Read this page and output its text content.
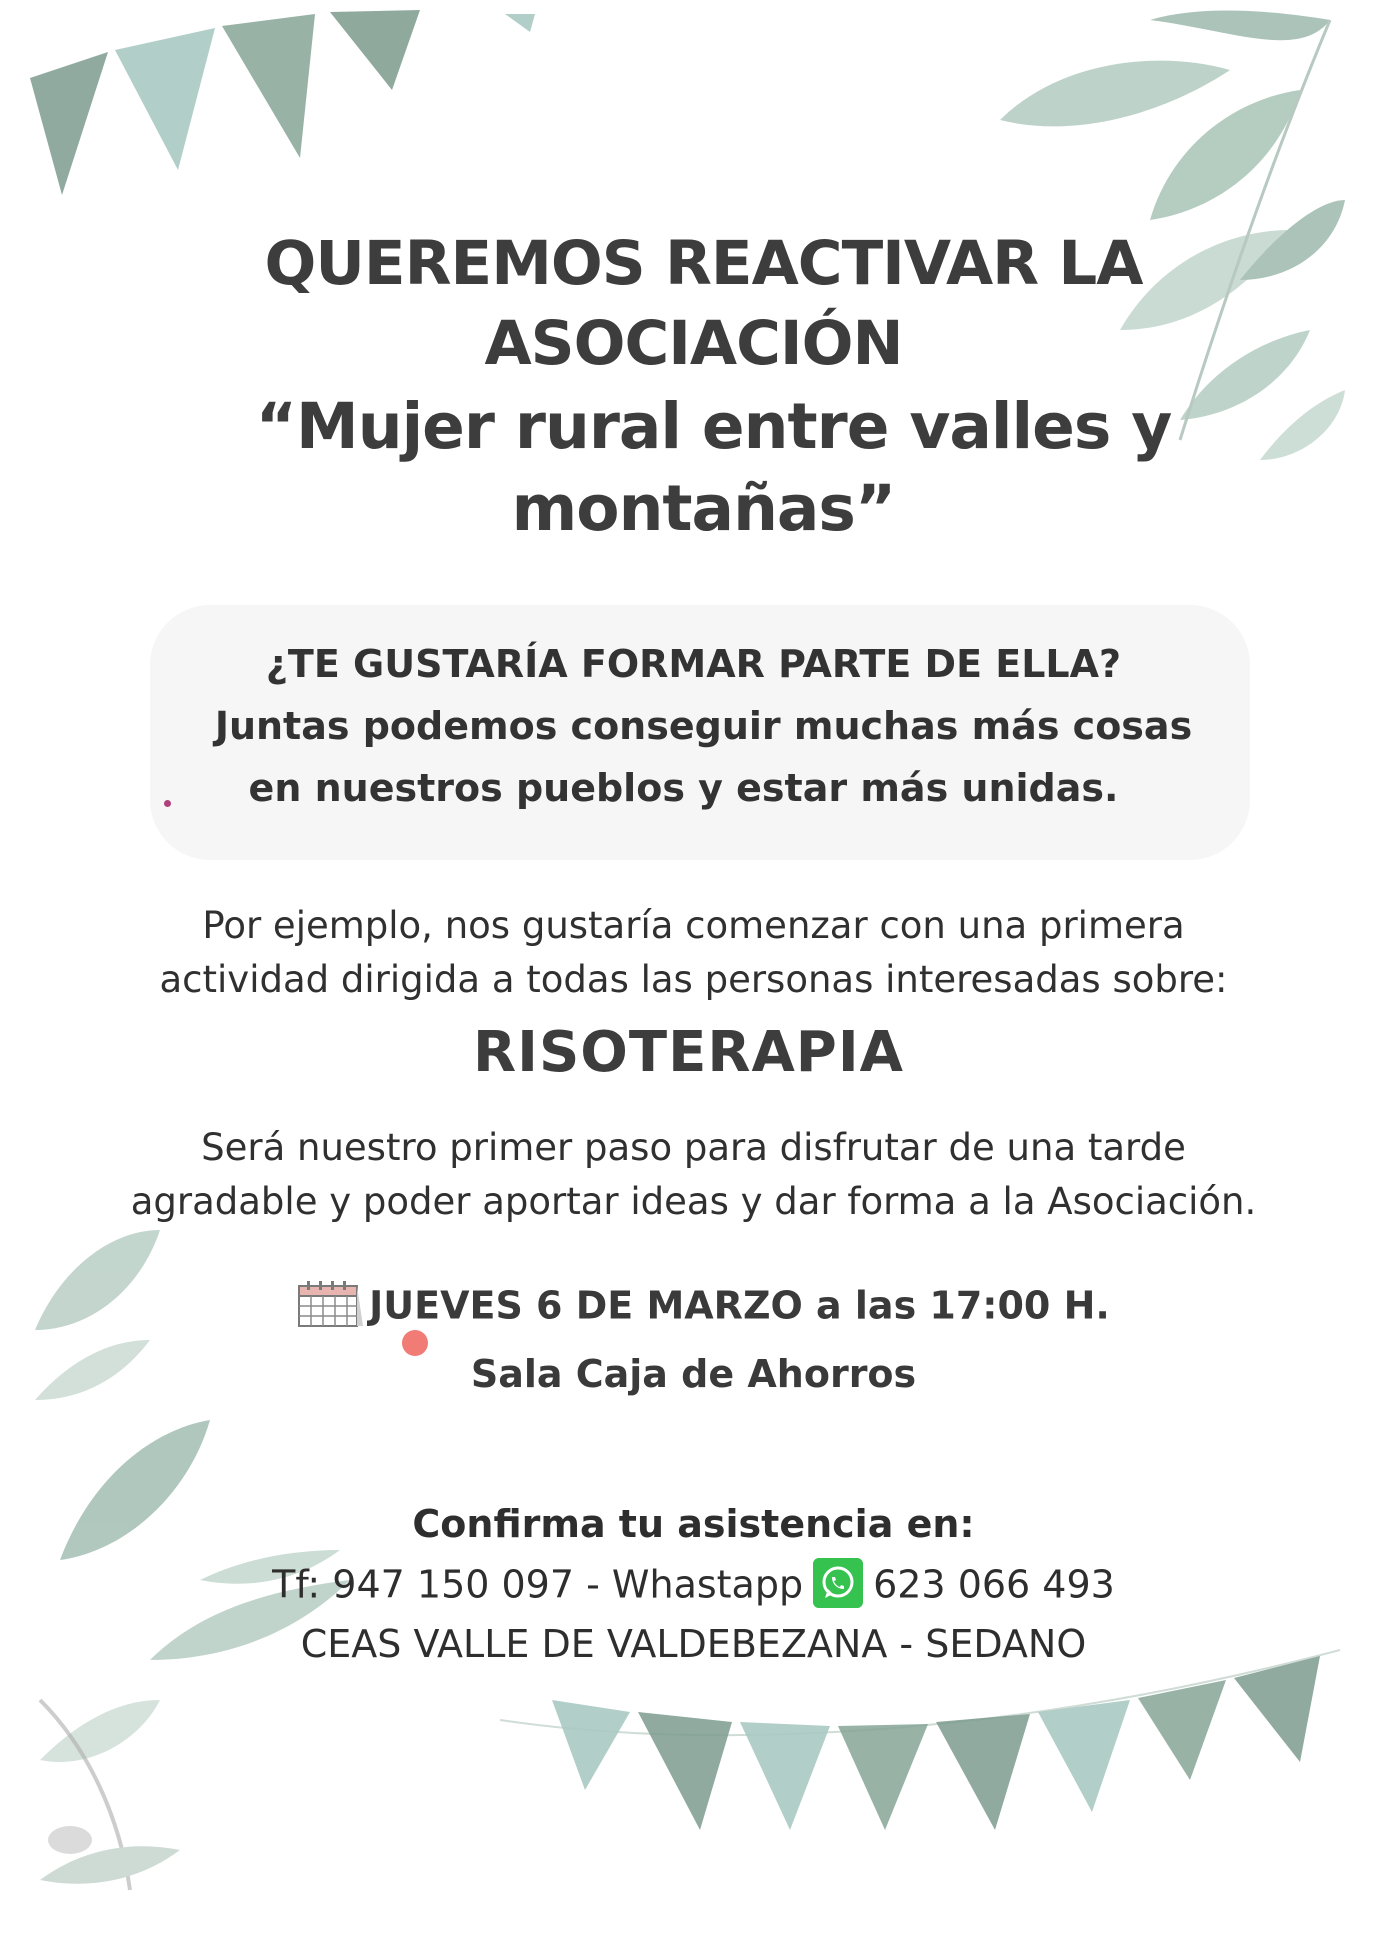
QUEREMOS REACTIVAR LA
ASOCIACIÓN
“Mujer rural entre valles y
montañas”
¿TE GUSTARÍA FORMAR PARTE DE ELLA?
Juntas podemos conseguir muchas más cosas
en nuestros pueblos y estar más unidas.
Por ejemplo, nos gustaría comenzar con una primera
actividad dirigida a todas las personas interesadas sobre:
RISOTERAPIA
Será nuestro primer paso para disfrutar de una tarde
agradable y poder aportar ideas y dar forma a la Asociación.
JUEVES 6 DE MARZO a las 17:00 H.
Sala Caja de Ahorros
Confirma tu asistencia en:
Tf: 947 150 097 - Whastapp 623 066 493
CEAS VALLE DE VALDEBEZANA - SEDANO
